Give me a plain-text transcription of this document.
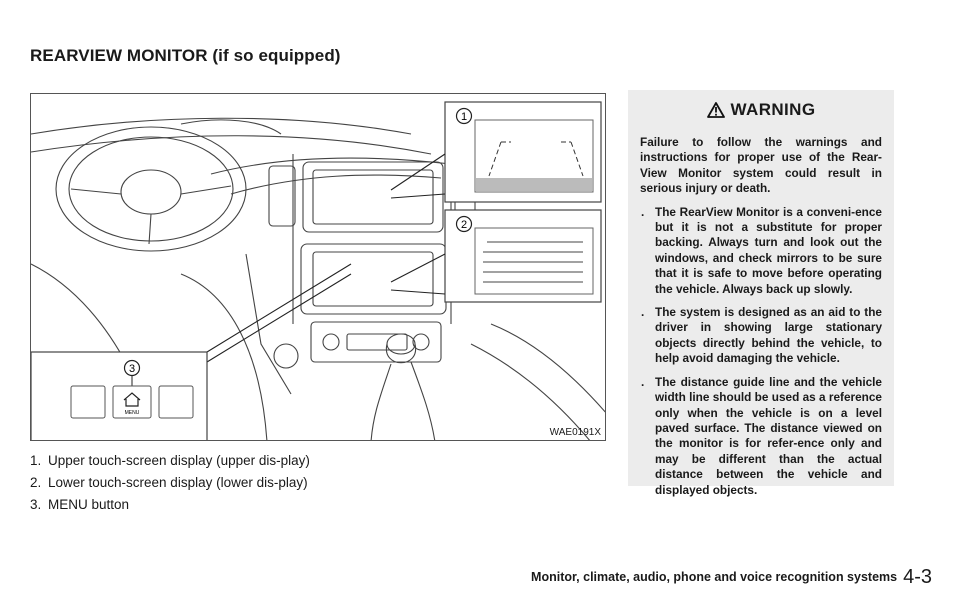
REARVIEW MONITOR (if so equipped)
1
2
3
MENU
WAE0191X
1. Upper touch-screen display (upper dis-play)
2. Lower touch-screen display (lower dis-play)
3. MENU button
WARNING
Failure to follow the warnings and instructions for proper use of the Rear-View Monitor system could result in serious injury or death.
. The RearView Monitor is a conveni-ence but it is not a substitute for proper backing. Always turn and look out the windows, and check mirrors to be sure that it is safe to move before operating the vehicle. Always back up slowly.
. The system is designed as an aid to the driver in showing large stationary objects directly behind the vehicle, to help avoid damaging the vehicle.
. The distance guide line and the vehicle width line should be used as a reference only when the vehicle is on a level paved surface. The distance viewed on the monitor is for refer-ence only and may be different than the actual distance between the vehicle and displayed objects.
Monitor, climate, audio, phone and voice recognition systems 4-3
